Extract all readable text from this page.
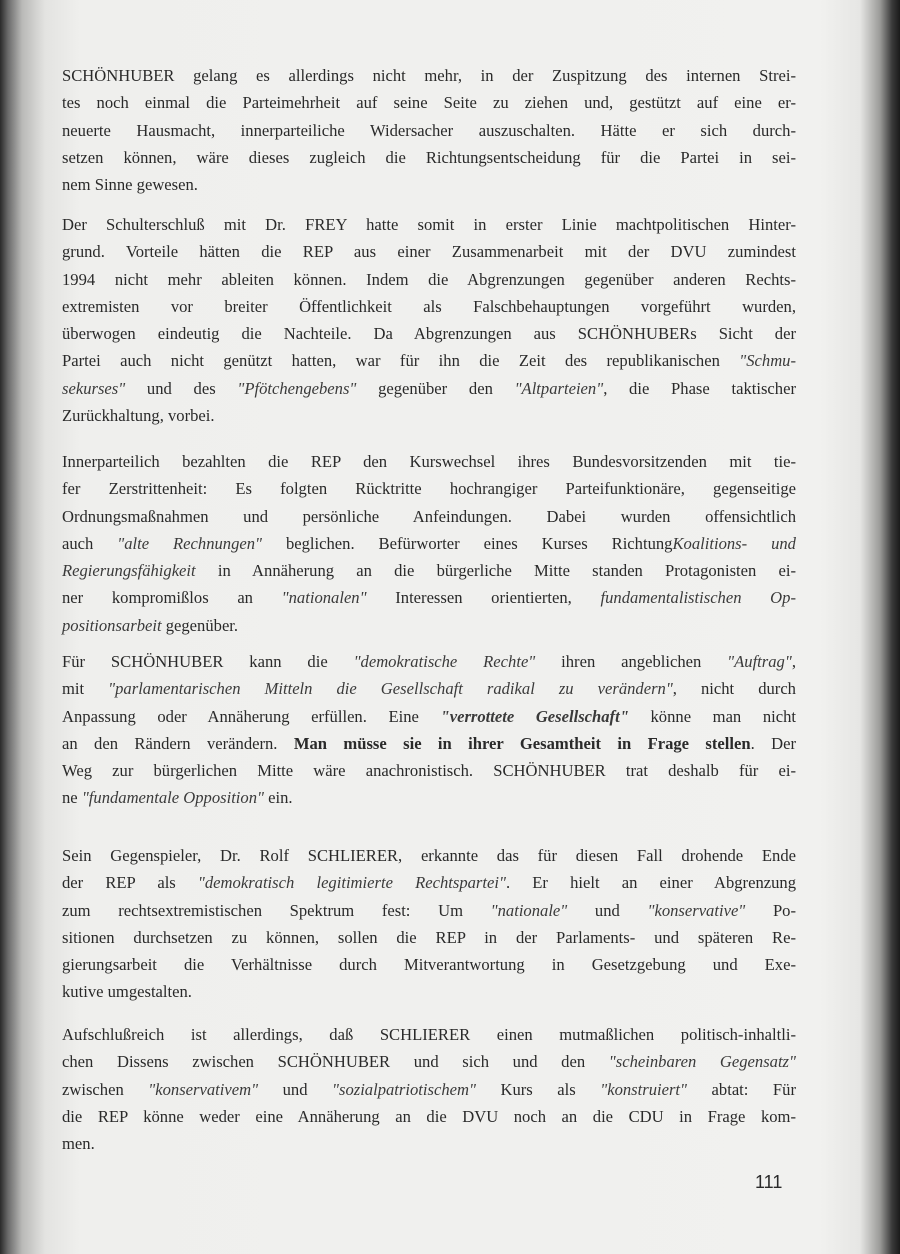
111
SCHÖNHUBER gelang es allerdings nicht mehr, in der Zuspitzung des internen Strei-
tes noch einmal die Parteimehrheit auf seine Seite zu ziehen und, gestützt auf eine er-
neuerte Hausmacht, innerparteiliche Widersacher auszuschalten. Hätte er sich durch-
setzen können, wäre dieses zugleich die Richtungsentscheidung für die Partei in sei-
nem Sinne gewesen.
Der Schulterschluß mit Dr. FREY hatte somit in erster Linie machtpolitischen Hinter-
grund. Vorteile hätten die REP aus einer Zusammenarbeit mit der DVU zumindest
1994 nicht mehr ableiten können. Indem die Abgrenzungen gegenüber anderen Rechts-
extremisten vor breiter Öffentlichkeit als Falschbehauptungen vorgeführt wurden,
überwogen eindeutig die Nachteile. Da Abgrenzungen aus SCHÖNHUBERs Sicht der
Partei auch nicht genützt hatten, war für ihn die Zeit des republikanischen "Schmu-
sekurses" und des "Pfötchengebens" gegenüber den "Altparteien", die Phase taktischer
Zurückhaltung, vorbei.
Innerparteilich bezahlten die REP den Kurswechsel ihres Bundesvorsitzenden mit tie-
fer Zerstrittenheit: Es folgten Rücktritte hochrangiger Parteifunktionäre, gegenseitige
Ordnungsmaßnahmen und persönliche Anfeindungen. Dabei wurden offensichtlich
auch "alte Rechnungen" beglichen. Befürworter eines Kurses RichtungKoalitions- und
Regierungsfähigkeit in Annäherung an die bürgerliche Mitte standen Protagonisten ei-
ner kompromißlos an "nationalen" Interessen orientierten, fundamentalistischen Op-
positionsarbeit gegenüber.
Für SCHÖNHUBER kann die "demokratische Rechte" ihren angeblichen "Auftrag",
mit "parlamentarischen Mitteln die Gesellschaft radikal zu verändern", nicht durch
Anpassung oder Annäherung erfüllen. Eine "verrottete Gesellschaft" könne man nicht
an den Rändern verändern. Man müsse sie in ihrer Gesamtheit in Frage stellen. Der
Weg zur bürgerlichen Mitte wäre anachronistisch. SCHÖNHUBER trat deshalb für ei-
ne "fundamentale Opposition" ein.
Sein Gegenspieler, Dr. Rolf SCHLIERER, erkannte das für diesen Fall drohende Ende
der REP als "demokratisch legitimierte Rechtspartei". Er hielt an einer Abgrenzung
zum rechtsextremistischen Spektrum fest: Um "nationale" und "konservative" Po-
sitionen durchsetzen zu können, sollen die REP in der Parlaments- und späteren Re-
gierungsarbeit die Verhältnisse durch Mitverantwortung in Gesetzgebung und Exe-
kutive umgestalten.
Aufschlußreich ist allerdings, daß SCHLIERER einen mutmaßlichen politisch-inhaltli-
chen Dissens zwischen SCHÖNHUBER und sich und den "scheinbaren Gegensatz"
zwischen "konservativem" und "sozialpatriotischem" Kurs als "konstruiert" abtat: Für
die REP könne weder eine Annäherung an die DVU noch an die CDU in Frage kom-
men.
